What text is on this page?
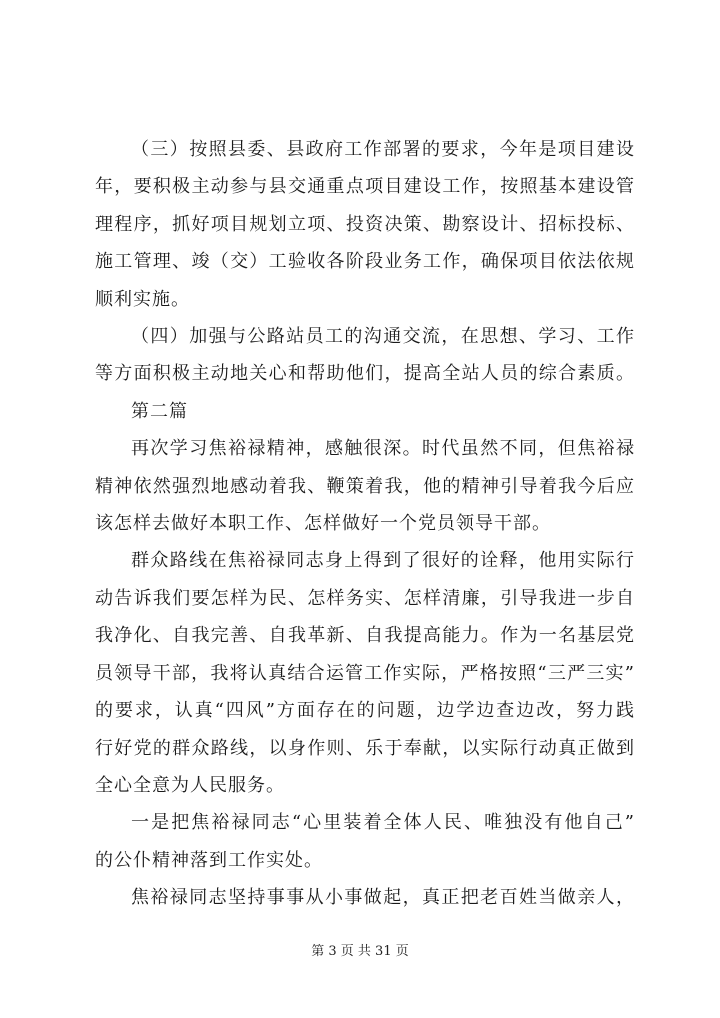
（三）按照县委、县政府工作部署的要求，今年是项目建设
年，要积极主动参与县交通重点项目建设工作，按照基本建设管
理程序，抓好项目规划立项、投资决策、勘察设计、招标投标、
施工管理、竣（交）工验收各阶段业务工作，确保项目依法依规
顺利实施。

（四）加强与公路站员工的沟通交流，在思想、学习、工作
等方面积极主动地关心和帮助他们，提高全站人员的综合素质。

第二篇

再次学习焦裕禄精神，感触很深。时代虽然不同，但焦裕禄
精神依然强烈地感动着我、鞭策着我，他的精神引导着我今后应
该怎样去做好本职工作、怎样做好一个党员领导干部。

群众路线在焦裕禄同志身上得到了很好的诠释，他用实际行
动告诉我们要怎样为民、怎样务实、怎样清廉，引导我进一步自
我净化、自我完善、自我革新、自我提高能力。作为一名基层党
员领导干部，我将认真结合运管工作实际，严格按照“三严三实”
的要求，认真“四风”方面存在的问题，边学边查边改，努力践
行好党的群众路线，以身作则、乐于奉献，以实际行动真正做到
全心全意为人民服务。

一是把焦裕禄同志“心里装着全体人民、唯独没有他自己”
的公仆精神落到工作实处。

焦裕禄同志坚持事事从小事做起，真正把老百姓当做亲人，

第 3 页 共 31 页
